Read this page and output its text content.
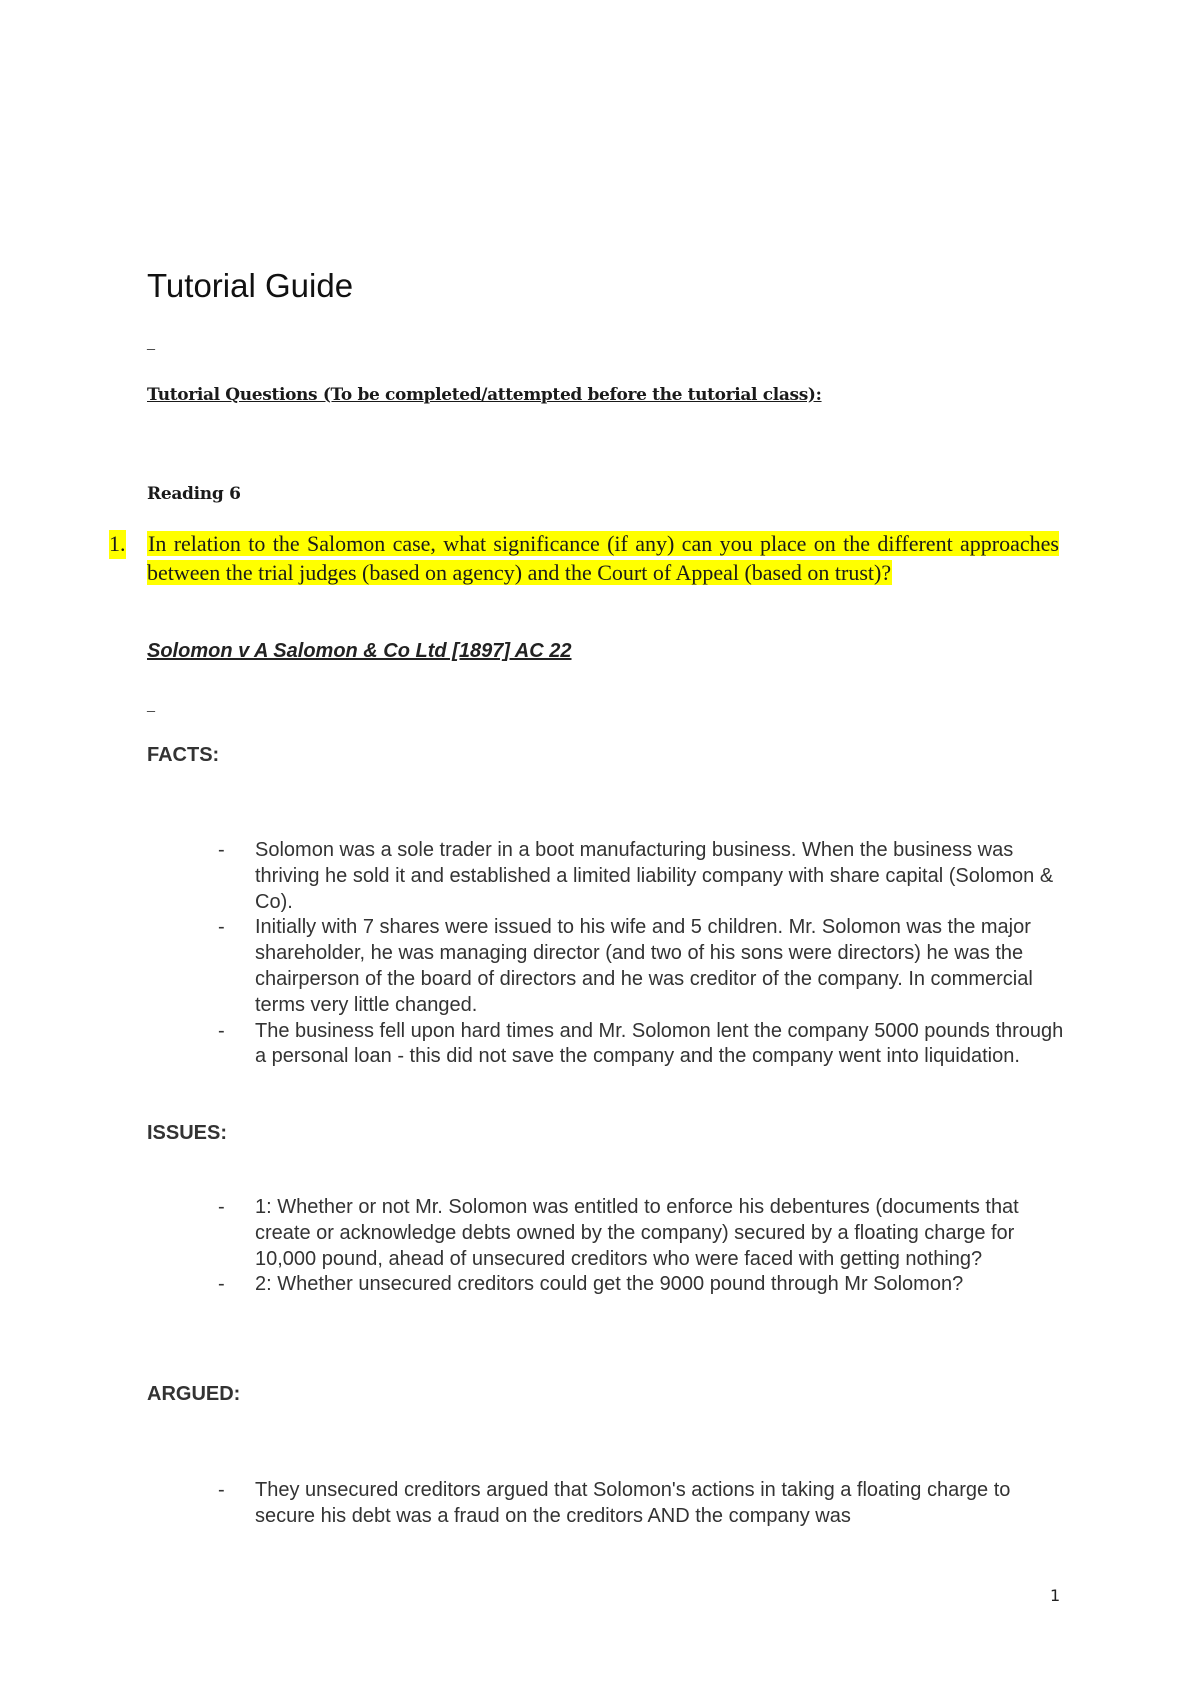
Tutorial Guide
_
Tutorial Questions (To be completed/attempted before the tutorial class):
Reading 6
1. In relation to the Salomon case, what significance (if any) can you place on the different approaches between the trial judges (based on agency) and the Court of Appeal (based on trust)?
Solomon v A Salomon & Co Ltd [1897] AC 22
_
FACTS:
- Solomon was a sole trader in a boot manufacturing business. When the business was thriving he sold it and established a limited liability company with share capital (Solomon & Co).
- Initially with 7 shares were issued to his wife and 5 children. Mr. Solomon was the major shareholder, he was managing director (and two of his sons were directors) he was the chairperson of the board of directors and he was creditor of the company. In commercial terms very little changed.
- The business fell upon hard times and Mr. Solomon lent the company 5000 pounds through a personal loan - this did not save the company and the company went into liquidation.
ISSUES:
- 1: Whether or not Mr. Solomon was entitled to enforce his debentures (documents that create or acknowledge debts owned by the company) secured by a floating charge for 10,000 pound, ahead of unsecured creditors who were faced with getting nothing?
- 2: Whether unsecured creditors could get the 9000 pound through Mr Solomon?
ARGUED:
- They unsecured creditors argued that Solomon's actions in taking a floating charge to secure his debt was a fraud on the creditors AND the company was
1
